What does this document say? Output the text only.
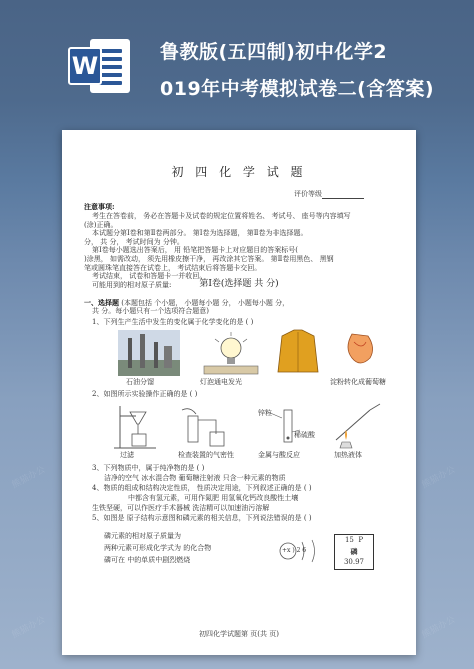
W	鲁教版(五四制)初中化学2
019年中考模拟试卷二(含答案)
初 四 化 学 试 题
评价等级
注意事项:
考生在答卷前， 务必在答题卡及试卷的规定位置将姓名、 考试号、 座号等内容填写
(涂)正确。
本试题分第Ⅰ卷和第Ⅱ卷两部分。 第Ⅰ卷为选择题， 第Ⅱ卷为非选择题。
分， 共 分， 考试时间为 分钟。
第Ⅰ卷每小题选出答案后， 用 铅笔把答题卡上对应题目的答案标号(
)涂黑， 如需改动， 须先用橡皮擦干净， 再改涂其它答案。 第Ⅱ卷用黑色、 黑钢
笔或圆珠笔直接答在试卷上， 考试结束后将答题卡交回。
考试结束， 试卷和答题卡一并收回。
可能用到的相对原子质量:	第Ⅰ卷(选择题 共 分)
一、选择题 (本题包括 个小题， 小题每小题 分， 小题每小题 分，
共 分。每小题只有一个选项符合题意)
1、下列生产生活中发生的变化属于化学变化的是 ( )
石油分馏	灯泡通电发光	淀粉转化成葡萄糖
2、如图所示实验操作正确的是 ( )
锌粒
稀硫酸
过滤	检查装置的气密性	金属与酸反应	加热液体
3、下列物质中，属于纯净物的是 ( )
洁净的空气 冰水混合物 葡萄糖注射液 只含一种元素的物质
4、物质的组成和结构决定性质， 性质决定用途，下列叙述正确的是 ( )
中都含有氢元素，可用作氮肥 用氢氧化钙改良酸性土壤
生铁坚硬，可以作医疗手术器械 洗洁精可以加速油污溶解
5、如图是 原子结构示意图和磷元素的相关信息，下列说法错误的是 ( )
磷元素的相对原子质量为
两种元素可形成化学式为 的化合物
磷可在 中的单质中剧烈燃烧
+x ) 2 6
15 P
磷
30.97
初四化学试题第 页(共 页)
熊猫办公	熊猫办公
熊猫办公	熊猫办公
